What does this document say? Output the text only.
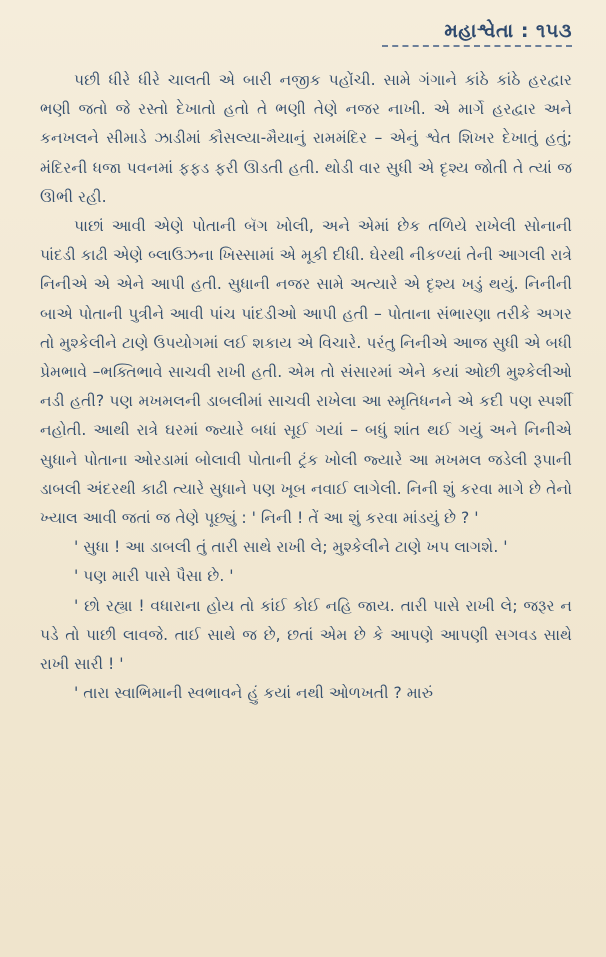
મહાશ્વેતા : ૧૫૩

પછી ધીરે ધીરે ચાલતી એ બારી નજીક પહોંચી. સામે ગંગાને કાંઠે કાંઠે હરદ્વાર ભણી જતો જે રસ્તો દેખાતો હતો તે ભણી તેણે નજર નાખી. એ માર્ગે હરદ્વાર અને કનખલને સીમાડે ઝાડીમાં કૌસલ્યા-મૈયાનું રામમંદિર – એનું શ્વેત શિખર દેખાતું હતું; મંદિરની ધજા પવનમાં ફફડ ફરી ઊડતી હતી. થોડી વાર સુધી એ દૃશ્ય જોતી તે ત્યાં જ ઊભી રહી.

પાછાં આવી એણે પોતાની બૅગ ખોલી, અને એમાં છેક તળિયે રાખેલી સોનાની પાંદડી કાઢી એણે બ્લાઉઝના ખિસ્સામાં એ મૂકી દીધી. ઘેરથી નીકળ્યાં તેની આગલી રાત્રે નિનીએ એ એને આપી હતી. સુધાની નજર સામે અત્યારે એ દૃશ્ય ખડું થયું. નિનીની બાએ પોતાની પુત્રીને આવી પાંચ પાંદડીઓ આપી હતી – પોતાના સંભારણા તરીકે અગર તો મુશ્કેલીને ટાણે ઉપયોગમાં લઈ શકાય એ વિચારે. પરંતુ નિનીએ આજ સુધી એ બધી પ્રેમભાવે –ભક્તિભાવે સાચવી રાખી હતી. એમ તો સંસારમાં એને કયાં ઓછી મુશ્કેલીઓ નડી હતી? પણ મખમલની ડાબલીમાં સાચવી રાખેલા આ સ્મૃતિધનને એ કદી પણ સ્પર્શી નહોતી. આથી રાત્રે ઘરમાં જ્યારે બધાં સૂઈ ગયાં – બધું શાંત થઈ ગયું અને નિનીએ સુધાને પોતાના ઓરડામાં બોલાવી પોતાની ટ્રંક ખોલી જ્યારે આ મખમલ જડેલી રૂપાની ડાબલી અંદરથી કાઢી ત્યારે સુધાને પણ ખૂબ નવાઈ લાગેલી. નિની શું કરવા માગે છે તેનો ખ્યાલ આવી જતાં જ તેણે પૂછ્યું : ' નિની ! તેં આ શું કરવા માંડયું છે ? '

' સુધા ! આ ડાબલી તું તારી સાથે રાખી લે; મુશ્કેલીને ટાણે ખપ લાગશે. '

' પણ મારી પાસે પૈસા છે. '

' છો રહ્યા ! વધારાના હોય તો કાંઈ કોઈ નહિ જાય. તારી પાસે રાખી લે; જરૂર ન પડે તો પાછી લાવજે. તાઈ સાથે જ છે, છતાં એમ છે કે આપણે આપણી સગવડ સાથે રાખી સારી ! '

' તારા સ્વાભિમાની સ્વભાવને હું કયાં નથી ઓળખતી ? મારું
